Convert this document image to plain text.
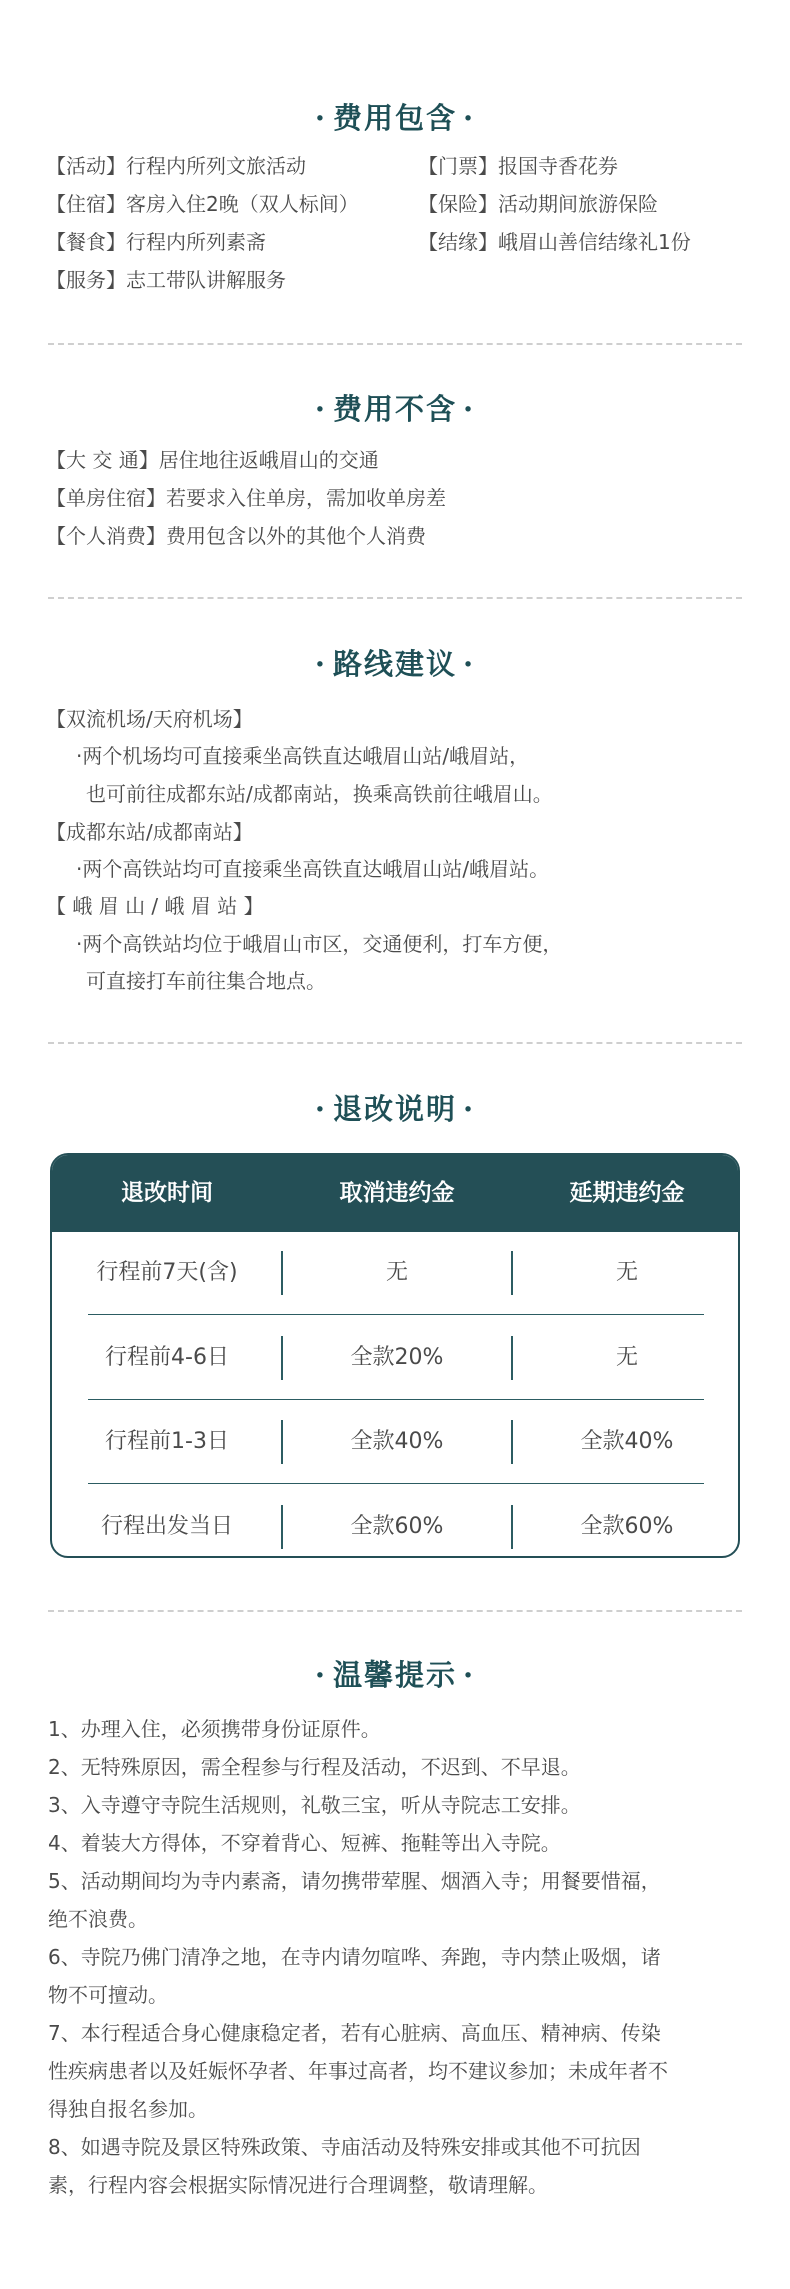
· 费用包含 ·
【活动】行程内所列文旅活动
【住宿】客房入住2晚（双人标间）
【餐食】行程内所列素斋
【服务】志工带队讲解服务
【门票】报国寺香花券
【保险】活动期间旅游保险
【结缘】峨眉山善信结缘礼1份
· 费用不含 ·
【大 交 通】居住地往返峨眉山的交通
【单房住宿】若要求入住单房，需加收单房差
【个人消费】费用包含以外的其他个人消费
· 路线建议 ·
【双流机场/天府机场】
·两个机场均可直接乘坐高铁直达峨眉山站/峨眉站，
也可前往成都东站/成都南站，换乘高铁前往峨眉山。
【成都东站/成都南站】
·两个高铁站均可直接乘坐高铁直达峨眉山站/峨眉站。
【 峨 眉 山 / 峨 眉 站 】
·两个高铁站均位于峨眉山市区，交通便利，打车方便，
可直接打车前往集合地点。
· 退改说明 ·
退改时间	取消违约金	延期违约金
行程前7天(含)	无	无
行程前4-6日	全款20%	无
行程前1-3日	全款40%	全款40%
行程出发当日	全款60%	全款60%
· 温馨提示 ·
1、办理入住，必须携带身份证原件。
2、无特殊原因，需全程参与行程及活动，不迟到、不早退。
3、入寺遵守寺院生活规则，礼敬三宝，听从寺院志工安排。
4、着装大方得体，不穿着背心、短裤、拖鞋等出入寺院。
5、活动期间均为寺内素斋，请勿携带荤腥、烟酒入寺；用餐要惜福，
绝不浪费。
6、寺院乃佛门清净之地，在寺内请勿喧哗、奔跑，寺内禁止吸烟，诸
物不可擅动。
7、本行程适合身心健康稳定者，若有心脏病、高血压、精神病、传染
性疾病患者以及妊娠怀孕者、年事过高者，均不建议参加；未成年者不
得独自报名参加。
8、如遇寺院及景区特殊政策、寺庙活动及特殊安排或其他不可抗因
素，行程内容会根据实际情况进行合理调整，敬请理解。
